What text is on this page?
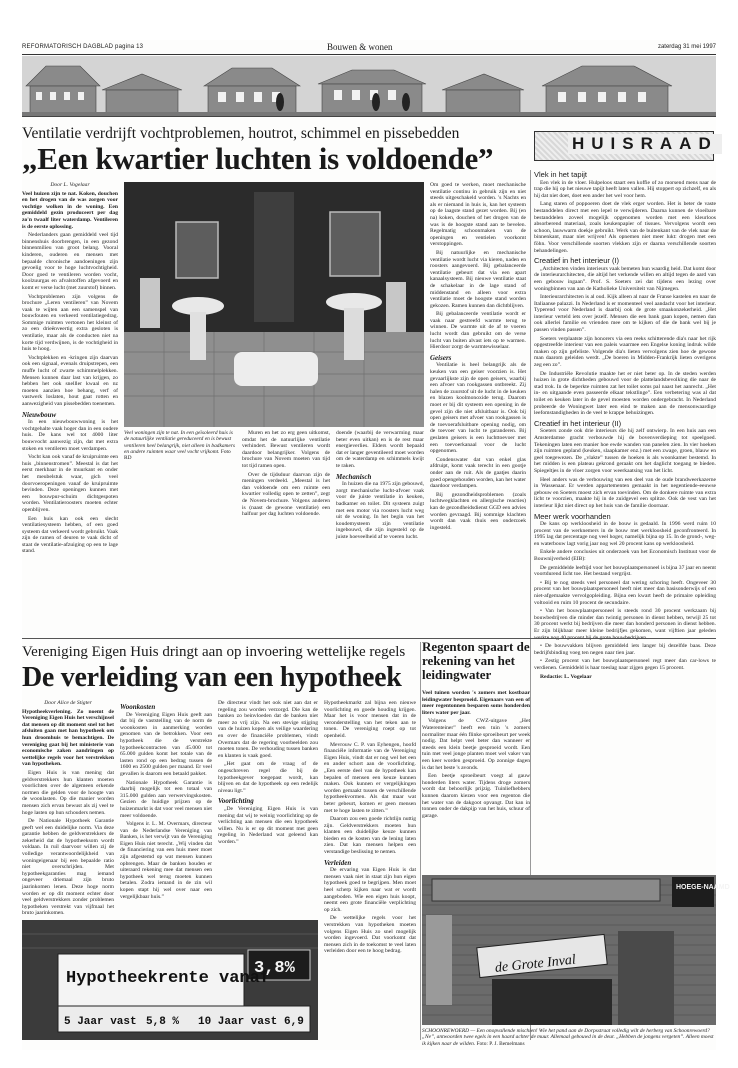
REFORMATORISCH DAGBLAD pagina 13	Bouwen & wonen	zaterdag 31 mei 1997
Ventilatie verdrijft vochtproblemen, houtrot, schimmel en pissebedden
„Een kwartier luchten is voldoende”	HUISRAAD

Door L. Vogelaar

Veel huizen zijn te nat. Koken, douchen en het drogen van de was zorgen voor vochtige wolken in de woning. Een gemiddeld gezin produceert per dag zo'n twaalf liter waterdamp. Ventileren is de eerste oplossing.

Nederlanders gaan gemiddeld veel tijd binnenshuis doorbrengen, in een gezond binnenmilieu van groot belang. Vooral kinderen, ouderen en mensen met bepaalde chronische aandoeningen zijn gevoelig voor te hoge luchtvochtigheid. Door goed te ventileren worden vocht, koolzuurgas en afvalstoffen afgevoerd en komt er verse lucht (met zuurstof) binnen.

Vochtproblemen zijn volgens de brochure „Leren ventileren” van Novem vaak te wijten aan een samenspel van bouwfouten en verkeerd ventilatiegedrag. Sommige ruimten vertonen het kleinst of zo een drieënveertig extra gesloten is ventilatie, maar als de conducten niet na korte tijd verdwijnen, is de vochtigheid in huis te hoog.

Vochtplekken en -kringen zijn daarvan ook een signaal, evenals druipstrepen, een muffe lucht of zwarte schimmelplekken. Mensen kunnen daar last van krijgen, zo hebben het ook snelller kwaal en nz moeten aanzien hoe behang, verf of vastwerk loslaten, hout gaat rotten en aanwezigheid van pissebedden toenemen.

Nieuwbouw

In een nieuwbouwwoning is het vochtgehalte vaak hoger dan in een oudere huis. De kans wel tot 4000 liter bouwvocht aanwezig zijn, dat met extra stoken en ventileren moet verdampen.

Vocht kan ook vanaf de kruipruimte een huis „binnenstromen”. Meestal is dat het eerst merkbaar in de muurkant en onder het meubelstuk waar, gich veel doorvoeropeningen vanaf de kruipruimte bevinden. Deze openingen kunnen met een bouwpur-schuim dichtgespoten worden. Ventilatieroosters moeten echter openblijven.

Een huis kan ook een slecht ventilatiesysteem hebben, of een goed systeem dat verkeerd wordt gebruikt. Vaak zijn de ramen of deuren te vaak dicht of staat de ventilatie-afzuiging op een te lage stand.

Veel woningen zijn te nat. In een geïsoleerd huis is de natuurlijke ventilatie gereduceerd en is bewust ventileren heel belangrijk, niet alleen in badkamers en andere ruimten waar veel vocht vrijkomt. Foto RD

Muren en het zo erg geen uitkomst, omdat het de natuurlijke ventilatie verhindert. Bewust ventileren wordt daardoor belangrijker. Volgens de brochure van Novem moeten van tijd tot tijd ramen open.

Over de tijdsduur daarvan zijn de meningen verdeeld. „Meestal is het dan voldoende om een ruimte een kwartier volledig open te zetten”, zegt de Novem-brochure. Volgens anderen is (naast de gewone ventilatie) een halfuur per dag luchten voldoende.

doende (waarbij de verwarming maar beter even uitkan) en is de rest maar energieverlies. Elders wordt bepaald dat er langer geventileerd moet worden om de waterdamp en schimmels kwijt te raken.

Mechanisch

In huizen die na 1975 zijn gebouwd, zorgt mechanische lucht-afvoer vaak voor de juiste ventilatie in keuken, badkamer en toilet. Dit systeem zuigt met een motor via roosters lucht weg uit de woning. In het begin van het koudemysteem zijn ventilatie ingebouwd, die zijn ingesteld op de juiste hoeveelheid af te voeren lucht.

Om goed te werken, moet mechanische ventilatie continu in gebruik zijn en niet steeds uitgeschakeld worden. 's Nachts en als er niemand in huis is, kan het systeem op de laagste stand gezet worden. Bij (en na) koken, douchen of het drogen van de was is de hoogste stand aan te bevelen. Regelmatig schoonmaken van de openingen en ventielen voorkomt verstoppingen.

Bij natuurlijke en mechanische ventilatie wordt lucht via kieren, naden en roosters aangevoerd. Bij gebalanceerde ventilatie gebeurt dat via een apart kanaalsysteem. Bij nieuwe ventilatie staat de schakelaar in de lage stand of middenstand en alleen voor extra ventilatie moet de hoogste stand worden gekozen. Ramen kunnen dan dichtblijven.

Bij gebalanceerde ventilatie wordt er vaak naar gestreefd warmte terug te winnen. De warmte uit de af te voeren lucht wordt dan gebruikt om de verse lucht van buiten alvast iets op te warmen. Hierdoor zorgt de warmtewisselaar.

Geisers

Ventilatie is heel belangrijk als de keuken van een geiser voorzien is. Het gevaarlijkste zijn de open geisers, waarbij een afvoer van rookgassen ontbreekt. Zij halen de zuurstof uit de lucht in de keuken en blazen koolmonoxide terug. Daarom moet er bij dit systeem een opening in de gevel zijn die niet afsluitbaar is. Ook bij open geisers met afvoer van rookgassen is de toevoerafsluitbare opening nodig, om de toevoer van lucht te garanderen. Bij geslaten geisers is een luchttoevoer met een toevoerkanaal voor de lucht opgenomen.

Condenswater dat van enkel glas afdruipt, komt vaak terecht in een gootje onder aan de ruit. Als de gaatjes daarin goed opengehouden worden, kan het water daardoor verdampen.

Bij gezondheidsproblemen (zoals luchtwegklachten en allergische reacties) kan de gezondheidsdienst GGD een advies worden gevraagd. Bij sommige klachten wordt dan vaak thuis een onderzoek ingesteld.

Vlek in het tapijt

Een vlek in de vloer. Hulpeloos staart een koffie of zo morsend mens naar de trap die hij op het nieuwe tapijt heeft laten vallen. Hij stoppert op zichzelf, en als hij dat niet doet, doet een ander het wel voor hem.

Lang staren of poppoeren doet de vlek erger worden. Het is beter de vaste bestanddelen direct met een lepel te verwijderen. Daarna kunnen de vloeibare bestanddelen zoveel mogelijk opgenomen worden met een kleurloos absorberend materiaal, zoals keukenpapier of tissues. Vervolgens wordt een schoon, lauwwarm doekje gebruikt. Werk van de buitenkant van de vlek naar de binnenkant, maar niet wrijven! Als opnemen niet meer lukt: drogen met een föhn. Voor verschillende soorten vlekken zijn er daarna verschillende soorten behandelingen.

Creatief in het interieur (I)

„Architecten vinden interieurs vaak bemeten hun waardig heid. Dat komt door de interieurarchitecten, die altijd het verkende willen en altijd tegen de aard van een gebouw ingaan”. Prof. S. Soeters zei dat tijdens een lezing over woningbinnen van aan de Katholieke Universiteit van Nijmegen.

Interieurarchitecten is al oud. Kijk alleen al naar de Franse kastelen en naar de Italiaanse palazzi. In Nederland is er momenteel veel aandacht voor het interieur. Typerend voor Nederland is daarbij ook de grote smaakonzekerheid. „Het interieur verteld iets over jezelf. Mensen die een bank gaan kopen, nemen dan ook allerlei familie en vrienden mee om te kijken of die de bank wel bij je passen vinden passen”.

Soeters verplaatste zijn honorers via een reeks schitterende dia's naar het rijk opgestreefde interieur van een paleis waarmee een Engelse koning indruk wilde maken op zijn gefeliste. Volgende dia's lieten vervolgens zien hoe de gewone man daarom geleiden werdt. „De boeren in Midden-Frankrijk lieten overigens zeg een zo”.

De Industriële Revolutie maakte het er niet beter op. In de steden werden huizen in grote dichtheden gebouwd voor de plattelandsbevolking die naar de stad trok. In de beperkte ruimten zat het toilet soms pal naast het aanrecht. „Het in- en uitgaande even passeerde elkaar tekstlinge”. Een verbetering was al dat toilet en keuken later in de gevel moesten worden ondergebracht. In Nederland probeerde de Woningwet later een eind te maken aan de mensonwaardige leefomstandigheden in de veel te krappe behuizingen.

Creatief in het interieur (II)

Soeters zonde ook drie interieurs die hij zelf ontwierp. In een huis aan een Amsterdamse gracht verbouwde hij de bovenverdieping tot speelgoed. Tekeningen laten een manier hoe ewde wanden van panelen zien. In vier hoeken zijn ruimten gepland (keuken, slaapkamer enz.) met een zwage, groen, blauw en geel toegewezen. De „vlakte” tussen de hoeken is als woonkamer bestemd. In het midden is een plateau gekrond geraakt om het daglicht toegang te bieden. Spiegeltjes in de vloer zorgen voor weerkaatsing van het licht.

Heel anders was de verbouwing van een deel van de oude brandweerkazerne in Wassenaar. Er werden appartementen gemaakt in het negentiende-eeuwse gebouw en Soeters moest zich ervan toevinden. Om de donkere ruimte van extra licht te voorzien, maakte hij in de zuidgevel een splitze. Ook de vest van het interieur lijkt niet direct op het huis van de familie doornaar.

Meer werk voorhanden

De kans op werkloosheid in de bouw is gedaald. In 1996 werd ruim 10 procent van de werknemers in de bouw met werkloosheid geconfronteerd. In 1995 lag dat percentage nog veel hoger, namelijk bijna op 15. In de grond-, weg- en waterbouw lagt vorig jaar nog wel 20 procent kans op werkloosheid.

Enkele andere conclusies uit onderzoek van het Economisch Instituut voor de Bouwnijverheid (EIB):

De gemiddelde leeftijd voor het bouwplaatspersoneel is bijna 37 jaar en neemt voortdurend licht toe. Het bestand vergrijst.

• Bij te nog steeds veel personeel dat wering schoring heeft. Ongeveer 30 procent van het bouwplaatspersoneel heeft niet meer dan basisonderwijs of een niet-afgemaakte vervolgopleiding. Bijna een kwart heeft de primaire opleiding voltooid en ruim 10 procent de secundaire.

• Van het bouwplaatspersoneel is steeds rond 30 procent werkzaam bij bouwbedrijven die minder dan twintig personen in dienst hebben, terwijl 25 tot 30 procent werkt bij bedrijven die meer dan honderd personen in dienst hebben. Er zijn blijkbaar meer kleine bedrijfjes gekomen, want vijftien jaar geleden werkte nog 40 procent bij de grote bouwbedrijven.

• De bouwvakken blijven gemiddeld iets langer bij dezelfde baas. Deze bedrijfsbinding voeg ten negen naar tien jaar.

• Zestig procent van het bouwplaatspersoneel regt meer dan car-lows te verdienen. Gemiddeld is haar toeslag naar zijgen gegen 15 procent.

Redactie: L. Vogelaar

Vereniging Eigen Huis dringt aan op invoering wettelijke regels
De verleiding van een hypotheek

Door Alice de Stigter

Hypotheekverlening. Zo noemt de Vereniging Eigen Huis het verschijnsel dat mensen op dit moment snel tot het afsluiten gaan met han hypotheek om hun droomhuis te bemachtigen. De vereniging gaat bij het ministerie van economische zaken aandringen op wettelijke regels voor het verstrekken van hypotheken.

Eigen Huis is van mening dat geldverstrekkers hun klanten moeten voorlichten over de algemeen erkende normen die gelden voor de hoogte van de woonlasten. Op die manier worden mensen zich ervan bewust als zij veel te hoge lasten op hun schouders nemen.

De Nationale Hypotheek Garantie geeft wel een duidelijke norm. Via deze garantie hebben de geldverstrekkers de zekerheid dat de hypotheeksom wordt voldaan. In ruil daarvoor willen zij de volledige verantwoordelijkheid van woningeigenaar bij een bepaalde ratio niet overschrijden. Met hypotheekgaranties mag iemand ongeveer driemaal zijn bruto jaarinkomen lenen. Deze hoge norm worden er op dit moment echter door veel geldverstrekkers zonder problemen hypotheken verstrekt van vijfmaal het bruto jaarinkomen.

Woonkosten

De Vereniging Eigen Huis geeft aan dat bij de vaststelling van de norm de woonkosten in aanmerking worden genomen van de betrokken. Voor een hypotheek die de verstrekte hypotheekcontracten van 45.000 tot 65.000 gulden komt het totale van de lasten rond op een bedrag tussen de 1600 en 2500 gulden per maand. Er veel gevallen is daarom een betaald pakket.

Nationale Hypotheek Garantie is daarbij mogelijk tot een totaal van 315.000 gulden aan verwervingskosten. Gezien de huidige prijzen op de huizenmarkt is dat voor veel mensen niet meer voldoende.

Volgens ir. L. M. Overmars, directeur van de Nederlandse Vereniging van Banken, is het verwijt van de Vereniging Eigen Huis niet terecht. „Wij vinden dat de financiering van een huis meer moet zijn afgestemd op wat mensen kunnen opbrengen. Maar de banken houden er uiteraard rekening mee dat mensen een hypotheek wel terug moeten kunnen betalen. Zodra iemand in de zin wil kopen stapt hij wel over naar een vergelijkbaar huis.”

De directeur vindt het ook niet aan dat er regeling zou worden verzorgd. Die kan de banken zo beinvloeden dat de banken niet meer zo vrij zijn. Na een stevige stijging van de huizen kopen als veilige waardering en over de financiële problemen, vindt Overmars dat de regering voorbeelden zou moeten tonen. De verhouding tussen banken en klanten is vaak goed.

„Het gaat om de vraag of de ongeschreven regel die bij de hypotheekgever toegepast wordt, kan blijven en dat de hypotheek op een redelijk niveau ligt.”

Voorlichting

„De Vereniging Eigen Huis is van mening dat wij te weinig voorlichting op de verlichting aan mensen die een hypotheek willen. Nu is er op dit moment met geen regeling in Nederland wat geleend kan worden.”

Hypotheekmarkt zal bijna een nieuwe voorlichting en goede houding krijgen. Maar het is voor mensen dat in de veronderstelling van het teken aan te tonen. De vereniging roept op tot openheid.

Mevrouw C. P. van Eyhengen, hoofd financiële informatie van de Vereniging Eigen Huis, vindt dat er nog wel het een en ander schort aan de voorlichting. „Een eerste deel van de hypotheek kan bepalen of mensen een keuze kunnen maken. Ook kunnen er vergelijkingen worden gemaakt tussen de verschillende hypotheekvormen. Als dat maar wat beter gebeurt, komen er geen mensen met te hoge lasten te zitten.”

Daarom zou een goede richtlijn nuttig zijn. Geldverstrekkers moeten hun klanten een duidelijke keuze kunnen bieden en de kosten van de lening laten zien. Dat kan mensen helpen een verstandige beslissing te nemen.

Verleiden

De ervaring van Eigen Huis is dat mensen vaak niet in staat zijn hun eigen hypotheek goed te begrijpen. Men moet heel scherp kijken naar wat er wordt aangeboden. Wie een eigen huis koopt, neemt een grote financiële verplichting op zich.

De wettelijke regels voor het verstrekken van hypotheken moeten volgens Eigen Huis zo snel mogelijk worden ingevoerd. Dat voorkomt dat mensen zich in de toekomst te veel laten verleiden door een te hoog bedrag.

Hypotheekrente vanaf
3,8%
5 Jaar vast 5,8 % 10 Jaar vast 6,9
Regenton spaart de rekening van het leidingwater

Veel tuinen worden 's zomers met kostbaar leidingwater besproeid. Eigenaars van een of meer regentonnen besparen soms honderden liters water per jaar.

Volgens de CWZ-uitgave „Het Waterenteiner” heeft een tuin 's zomers normaliter maar één flinke sproeibeurt per week nodig. Dat helpt veel beter dan wanneer er steeds een klein beetje gesproeid wordt. Een tuin met veel jonge planten moet wel vaker van een keer worden gesproeid. Op zonnige dagen is dat het beste 's avonds.

Een beetje sproeibeurt voegt al gauw honderden liters water. Tijdens droge zomers wordt dat behoorlijk prijzig. Tuinliefhebbers kunnen daarom kiezen voor een regenton die het water van de dakgoot opvangt. Dat kan in tonnen onder de dakpijp van het huis, schuur of garage.

HOEGE-NAAMD
de Grote Inval
SCHOONREWOERD — Een onopvallende mischien! Wie het pand aan de Dorpsstraat volledig wilt de herberg van Schoonrewoerd? „Ne”, antwoorden twee egels in een haard achter de muur. Allemaal gebouwd in de deur. „Hebben de jongens vergeten”. Alleen moest ik kijken naar de wilden. Foto: P. J. Bemelmans
